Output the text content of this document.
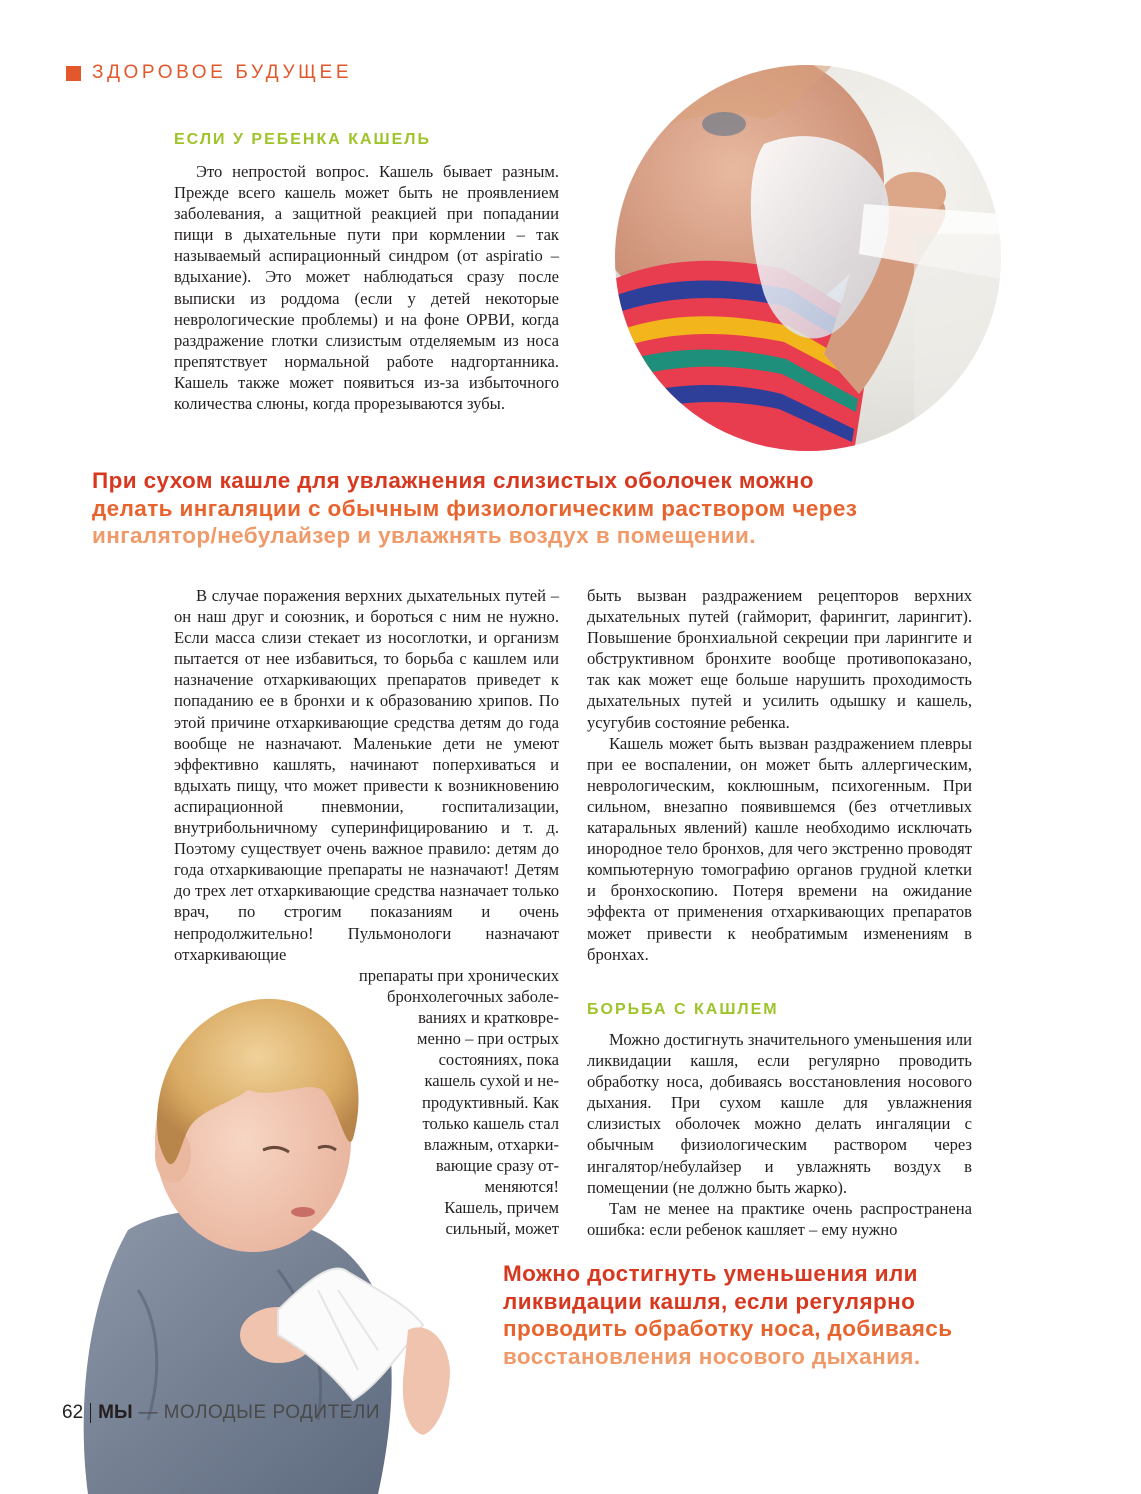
ЗДОРОВОЕ БУДУЩЕЕ
ЕСЛИ У РЕБЕНКА КАШЕЛЬ

Это непростой вопрос. Кашель бывает разным. Прежде всего кашель может быть не проявлением заболевания, а защитной реакцией при попадании пищи в дыхательные пути при кормлении – так называемый аспирационный синдром (от aspiratio – вдыхание). Это может наблюдаться сразу после выписки из роддома (если у детей некоторые неврологические проблемы) и на фоне ОРВИ, когда раздражение глотки слизистым отделяемым из носа препятствует нормальной работе надгортанника. Кашель также может появиться из-за избыточного количества слюны, когда прорезываются зубы.

При сухом кашле для увлажнения слизистых оболочек можно
делать ингаляции с обычным физиологическим раствором через
ингалятор/небулайзер и увлажнять воздух в помещении.

В случае поражения верхних дыхательных путей – он наш друг и союзник, и бороться с ним не нужно. Если масса слизи стекает из носоглотки, и организм пытается от нее избавиться, то борьба с кашлем или назначение отхаркивающих препаратов приведет к попаданию ее в бронхи и к образованию хрипов. По этой причине отхаркивающие средства детям до года вообще не назначают. Маленькие дети не умеют эффективно кашлять, начинают поперхиваться и вдыхать пищу, что может привести к возникновению аспирационной пневмонии, госпитализации, внутрибольничному суперинфицированию и т. д. Поэтому существует очень важное правило: детям до года отхаркивающие препараты не назначают! Детям до трех лет отхаркивающие средства назначает только врач, по строгим показаниям и очень непродолжительно! Пульмонологи назначают отхаркивающие

препараты при хронических
бронхолегочных заболе-
ваниях и кратковре-
менно – при острых
состояниях, пока
кашель сухой и не-
продуктивный. Как
только кашель стал
влажным, отхарки-
вающие сразу от-
меняются!
Кашель, причем
сильный, может

быть вызван раздражением рецепторов верхних дыхательных путей (гайморит, фарингит, ларингит). Повышение бронхиальной секреции при ларингите и обструктивном бронхите вообще противопоказано, так как может еще больше нарушить проходимость дыхательных путей и усилить одышку и кашель, усугубив состояние ребенка.

Кашель может быть вызван раздражением плевры при ее воспалении, он может быть аллергическим, неврологическим, коклюшным, психогенным. При сильном, внезапно появившемся (без отчетливых катаральных явлений) кашле необходимо исключать инородное тело бронхов, для чего экстренно проводят компьютерную томографию органов грудной клетки и бронхоскопию. Потеря времени на ожидание эффекта от применения отхаркивающих препаратов может привести к необратимым изменениям в бронхах.

БОРЬБА С КАШЛЕМ

Можно достигнуть значительного уменьшения или ликвидации кашля, если регулярно проводить обработку носа, добиваясь восстановления носового дыхания. При сухом кашле для увлажнения слизистых оболочек можно делать ингаляции с обычным физиологическим раствором через ингалятор/небулайзер и увлажнять воздух в помещении (не должно быть жарко).

Там не менее на практике очень распространена ошибка: если ребенок кашляет – ему нужно

Можно достигнуть уменьшения или
ликвидации кашля, если регулярно
проводить обработку носа, добиваясь
восстановления носового дыхания.
62 МЫ — МОЛОДЫЕ РОДИТЕЛИ
